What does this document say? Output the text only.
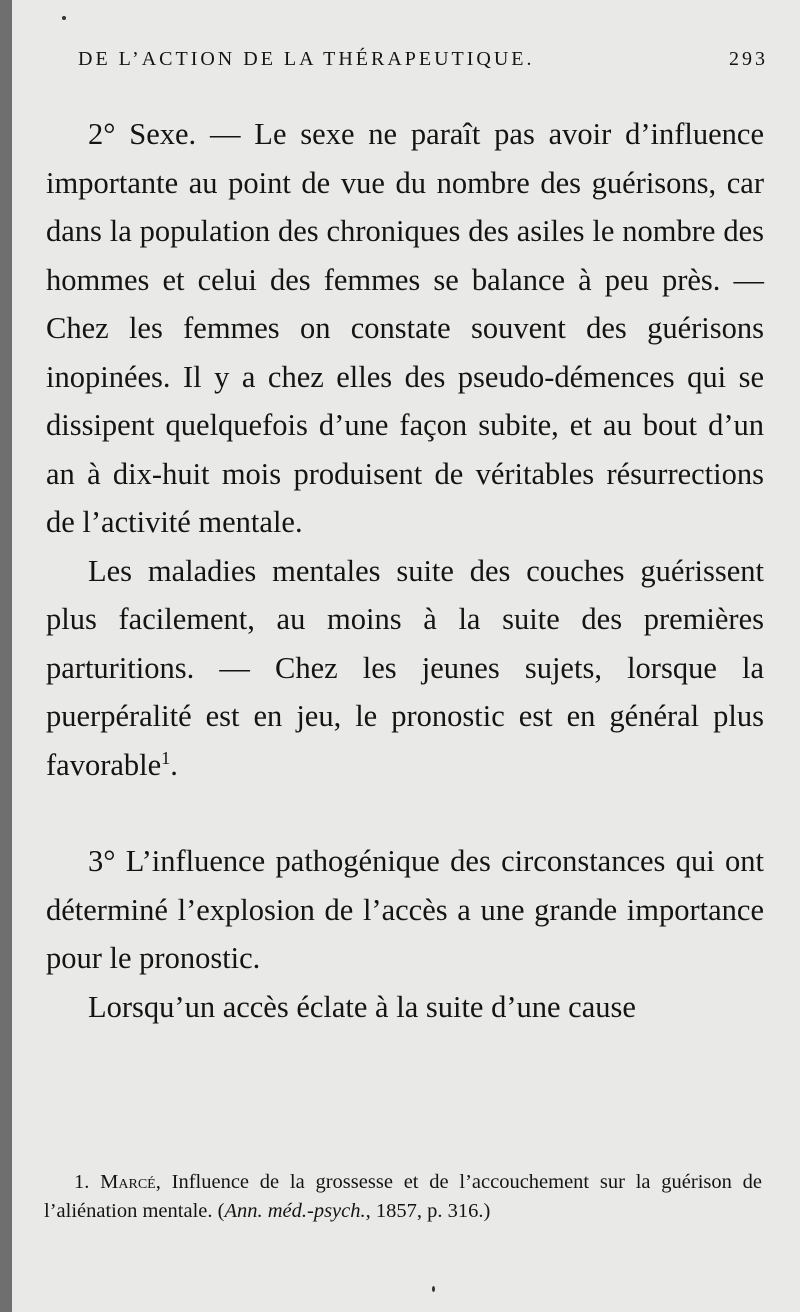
DE L’ACTION DE LA THÉRAPEUTIQUE.	293

2° Sexe. — Le sexe ne paraît pas avoir d’influence importante au point de vue du nombre des guérisons, car dans la population des chroniques des asiles le nombre des hommes et celui des femmes se balance à peu près. — Chez les femmes on constate souvent des guérisons inopinées. Il y a chez elles des pseudo-démences qui se dissipent quelquefois d’une façon subite, et au bout d’un an à dix-huit mois produisent de véritables résurrections de l’activité mentale.

Les maladies mentales suite des couches guérissent plus facilement, au moins à la suite des premières parturitions. — Chez les jeunes sujets, lorsque la puerpéralité est en jeu, le pronostic est en général plus favorable$^1$.

3° L’influence pathogénique des circonstances qui ont déterminé l’explosion de l’accès a une grande importance pour le pronostic.

Lorsqu’un accès éclate à la suite d’une cause

1. Marcé, Influence de la grossesse et de l’accouchement sur la guérison de l’aliénation mentale. (Ann. méd.-psych., 1857, p. 316.)
